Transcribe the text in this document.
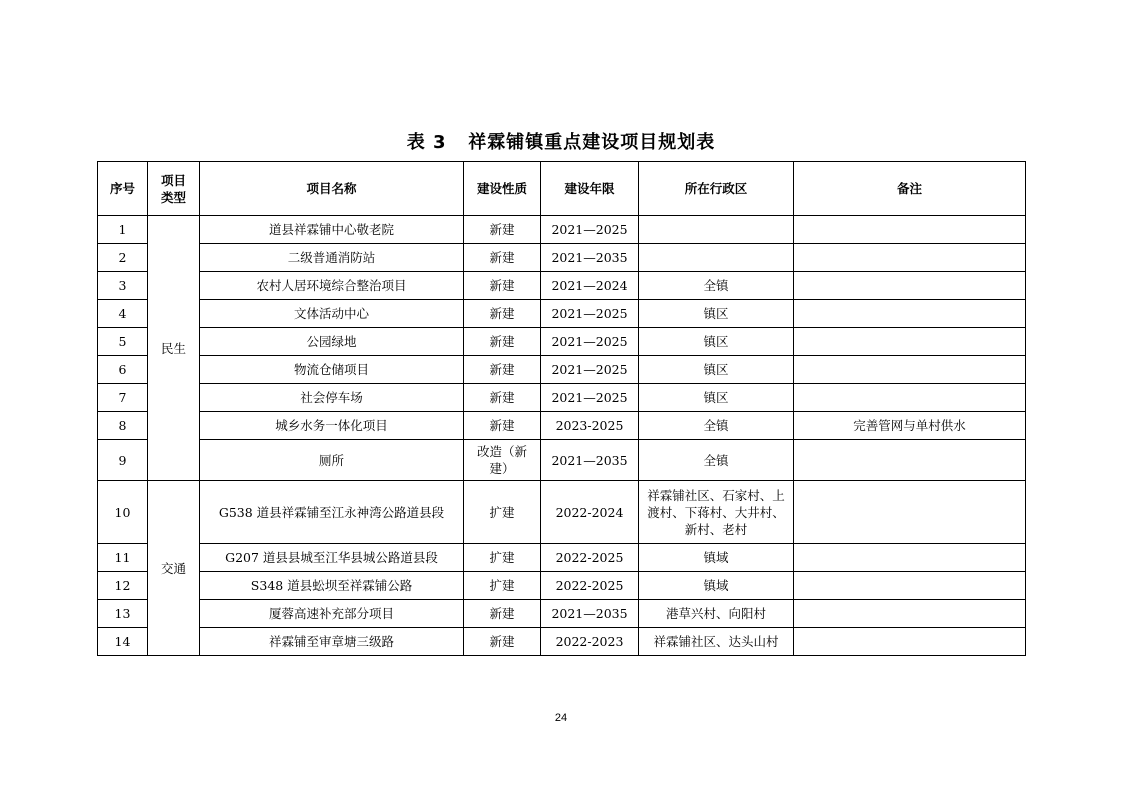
表 3   祥霖铺镇重点建设项目规划表
序号	项目类型	项目名称	建设性质	建设年限	所在行政区	备注
1	民生	道县祥霖铺中心敬老院	新建	2021—2025		
2		二级普通消防站	新建	2021—2035		
3		农村人居环境综合整治项目	新建	2021—2024	全镇	
4		文体活动中心	新建	2021—2025	镇区	
5		公园绿地	新建	2021—2025	镇区	
6		物流仓储项目	新建	2021—2025	镇区	
7		社会停车场	新建	2021—2025	镇区	
8		城乡水务一体化项目	新建	2023-2025	全镇	完善管网与单村供水
9		厕所	改造（新建）	2021—2035	全镇	
10	交通	G538 道县祥霖铺至江永神湾公路道县段	扩建	2022-2024	祥霖铺社区、石家村、上渡村、下蒋村、大井村、新村、老村	
11		G207 道县县城至江华县城公路道县段	扩建	2022-2025	镇域	
12		S348 道县蚣坝至祥霖铺公路	扩建	2022-2025	镇域	
13		厦蓉高速补充部分项目	新建	2021—2035	港草兴村、向阳村	
14		祥霖铺至审章塘三级路	新建	2022-2023	祥霖铺社区、达头山村	
24
